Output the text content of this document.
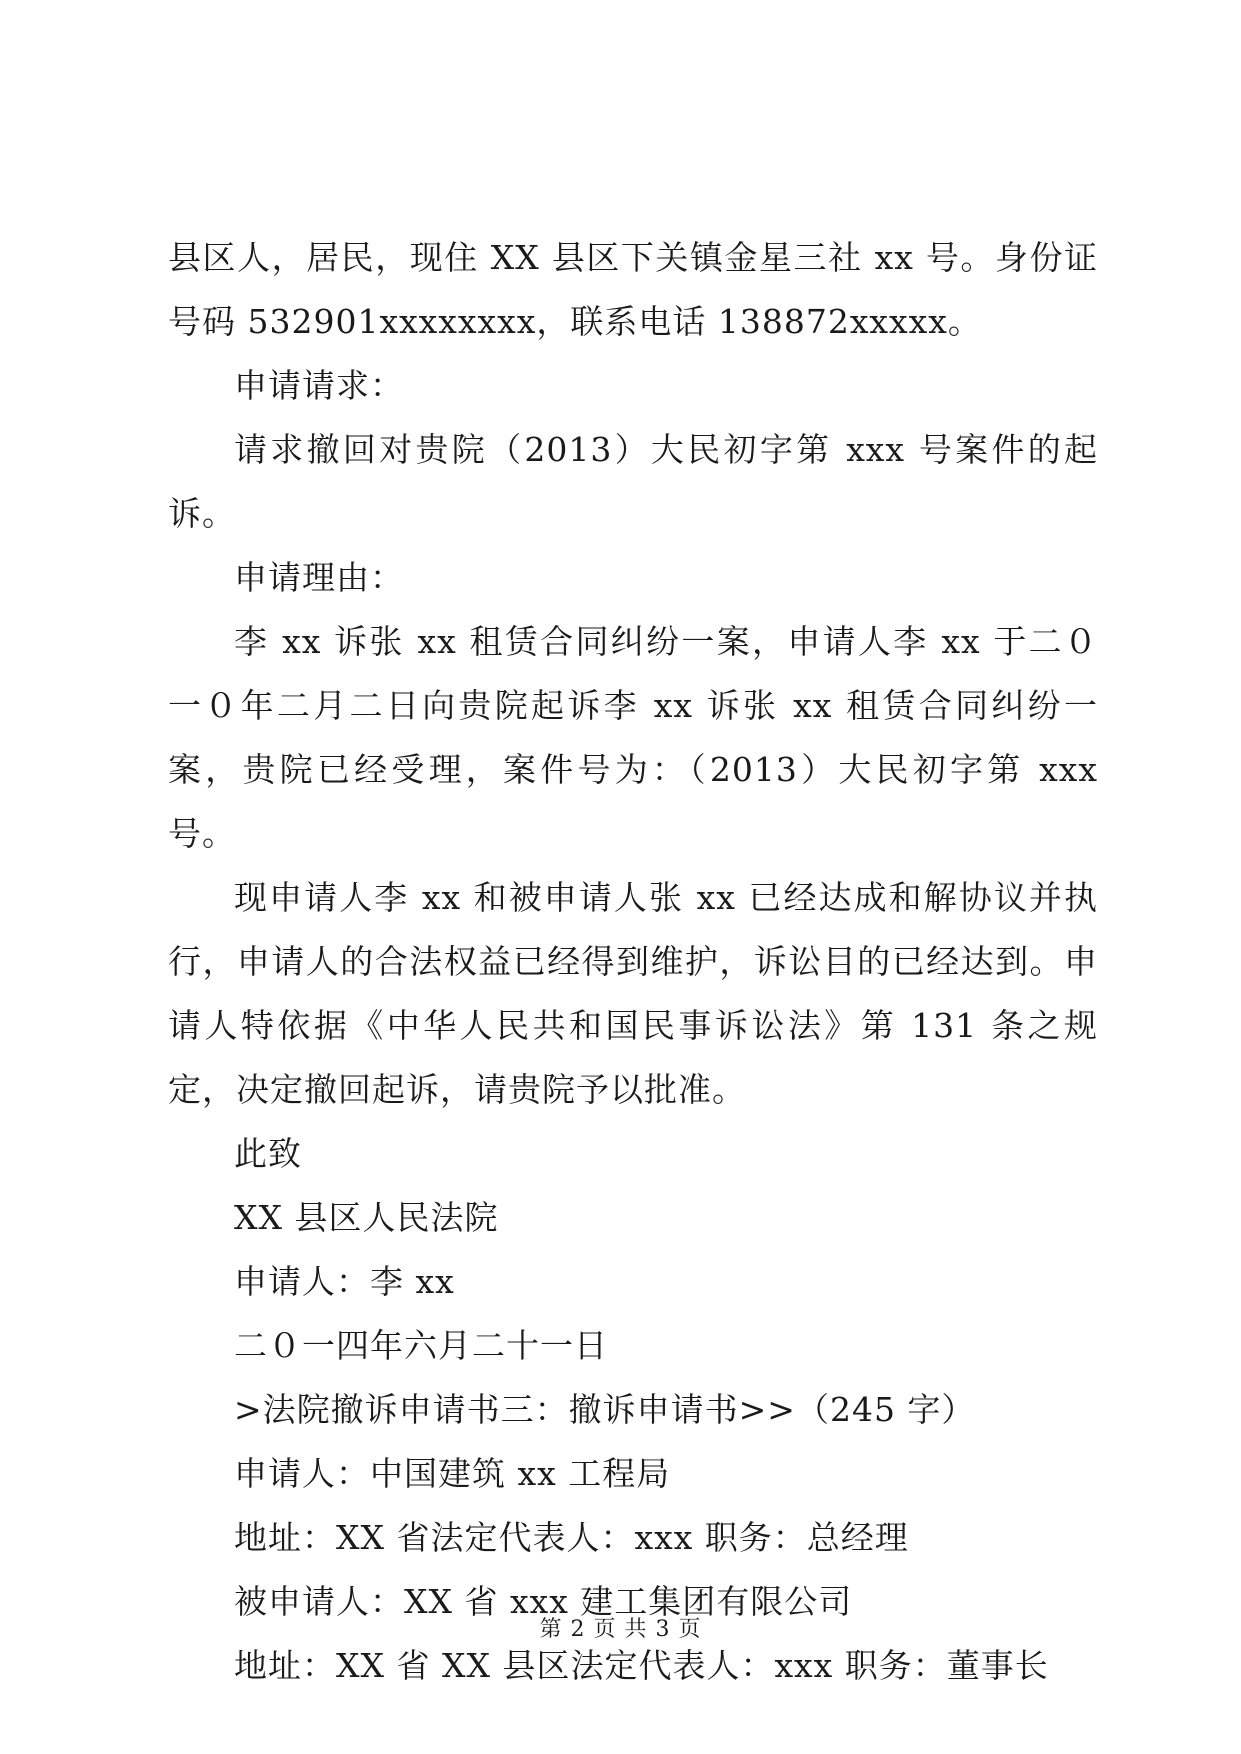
县区人，居民，现住 XX 县区下关镇金星三社 xx 号。身份证号码 532901xxxxxxxx，联系电话 138872xxxxx。

申请请求：

请求撤回对贵院（2013）大民初字第 xxx 号案件的起诉。

申请理由：

李 xx 诉张 xx 租赁合同纠纷一案，申请人李 xx 于二０一０年二月二日向贵院起诉李 xx 诉张 xx 租赁合同纠纷一案，贵院已经受理，案件号为：（2013）大民初字第 xxx 号。

现申请人李 xx 和被申请人张 xx 已经达成和解协议并执行，申请人的合法权益已经得到维护，诉讼目的已经达到。申请人特依据《中华人民共和国民事诉讼法》第 131 条之规定，决定撤回起诉，请贵院予以批准。

此致

XX 县区人民法院

申请人：李 xx

二０一四年六月二十一日

>法院撤诉申请书三：撤诉申请书>>（245 字）

申请人：中国建筑 xx 工程局

地址：XX 省法定代表人：xxx 职务：总经理

被申请人：XX 省 xxx 建工集团有限公司

地址：XX 省 XX 县区法定代表人：xxx 职务：董事长

第 2 页 共 3 页
